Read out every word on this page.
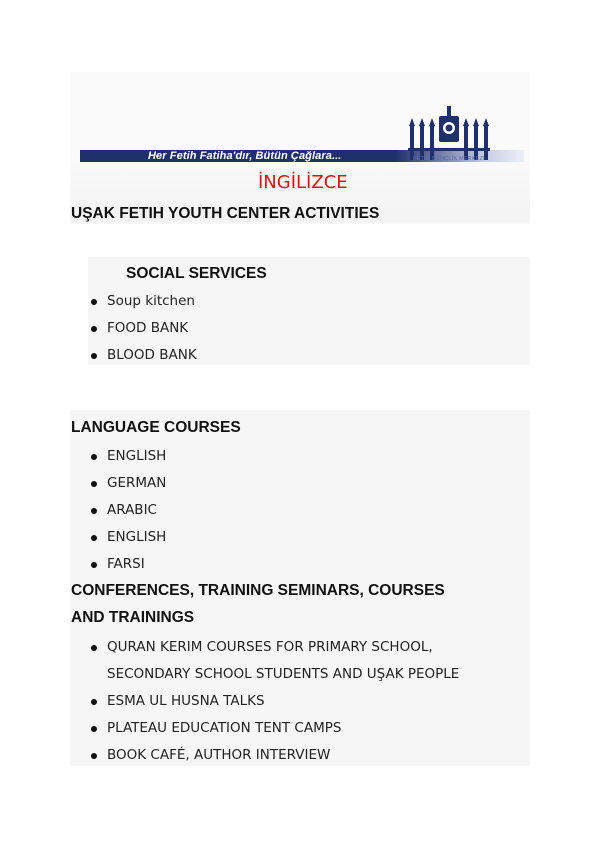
Her Fetih Fatiha'dır, Bütün Çağlara...	FETİH GENÇLİK MERKEZİ
İNGİLİZCE
UŞAK FETIH YOUTH CENTER ACTIVITIES
SOCIAL SERVICES
Soup kitchen
FOOD BANK
BLOOD BANK
LANGUAGE COURSES
ENGLISH
GERMAN
ARABIC
ENGLISH
FARSI
CONFERENCES, TRAINING SEMINARS, COURSES
AND TRAININGS
QURAN KERIM COURSES FOR PRIMARY SCHOOL, SECONDARY SCHOOL STUDENTS AND UŞAK PEOPLE
ESMA UL HUSNA TALKS
PLATEAU EDUCATION TENT CAMPS
BOOK CAFÉ, AUTHOR INTERVIEW
